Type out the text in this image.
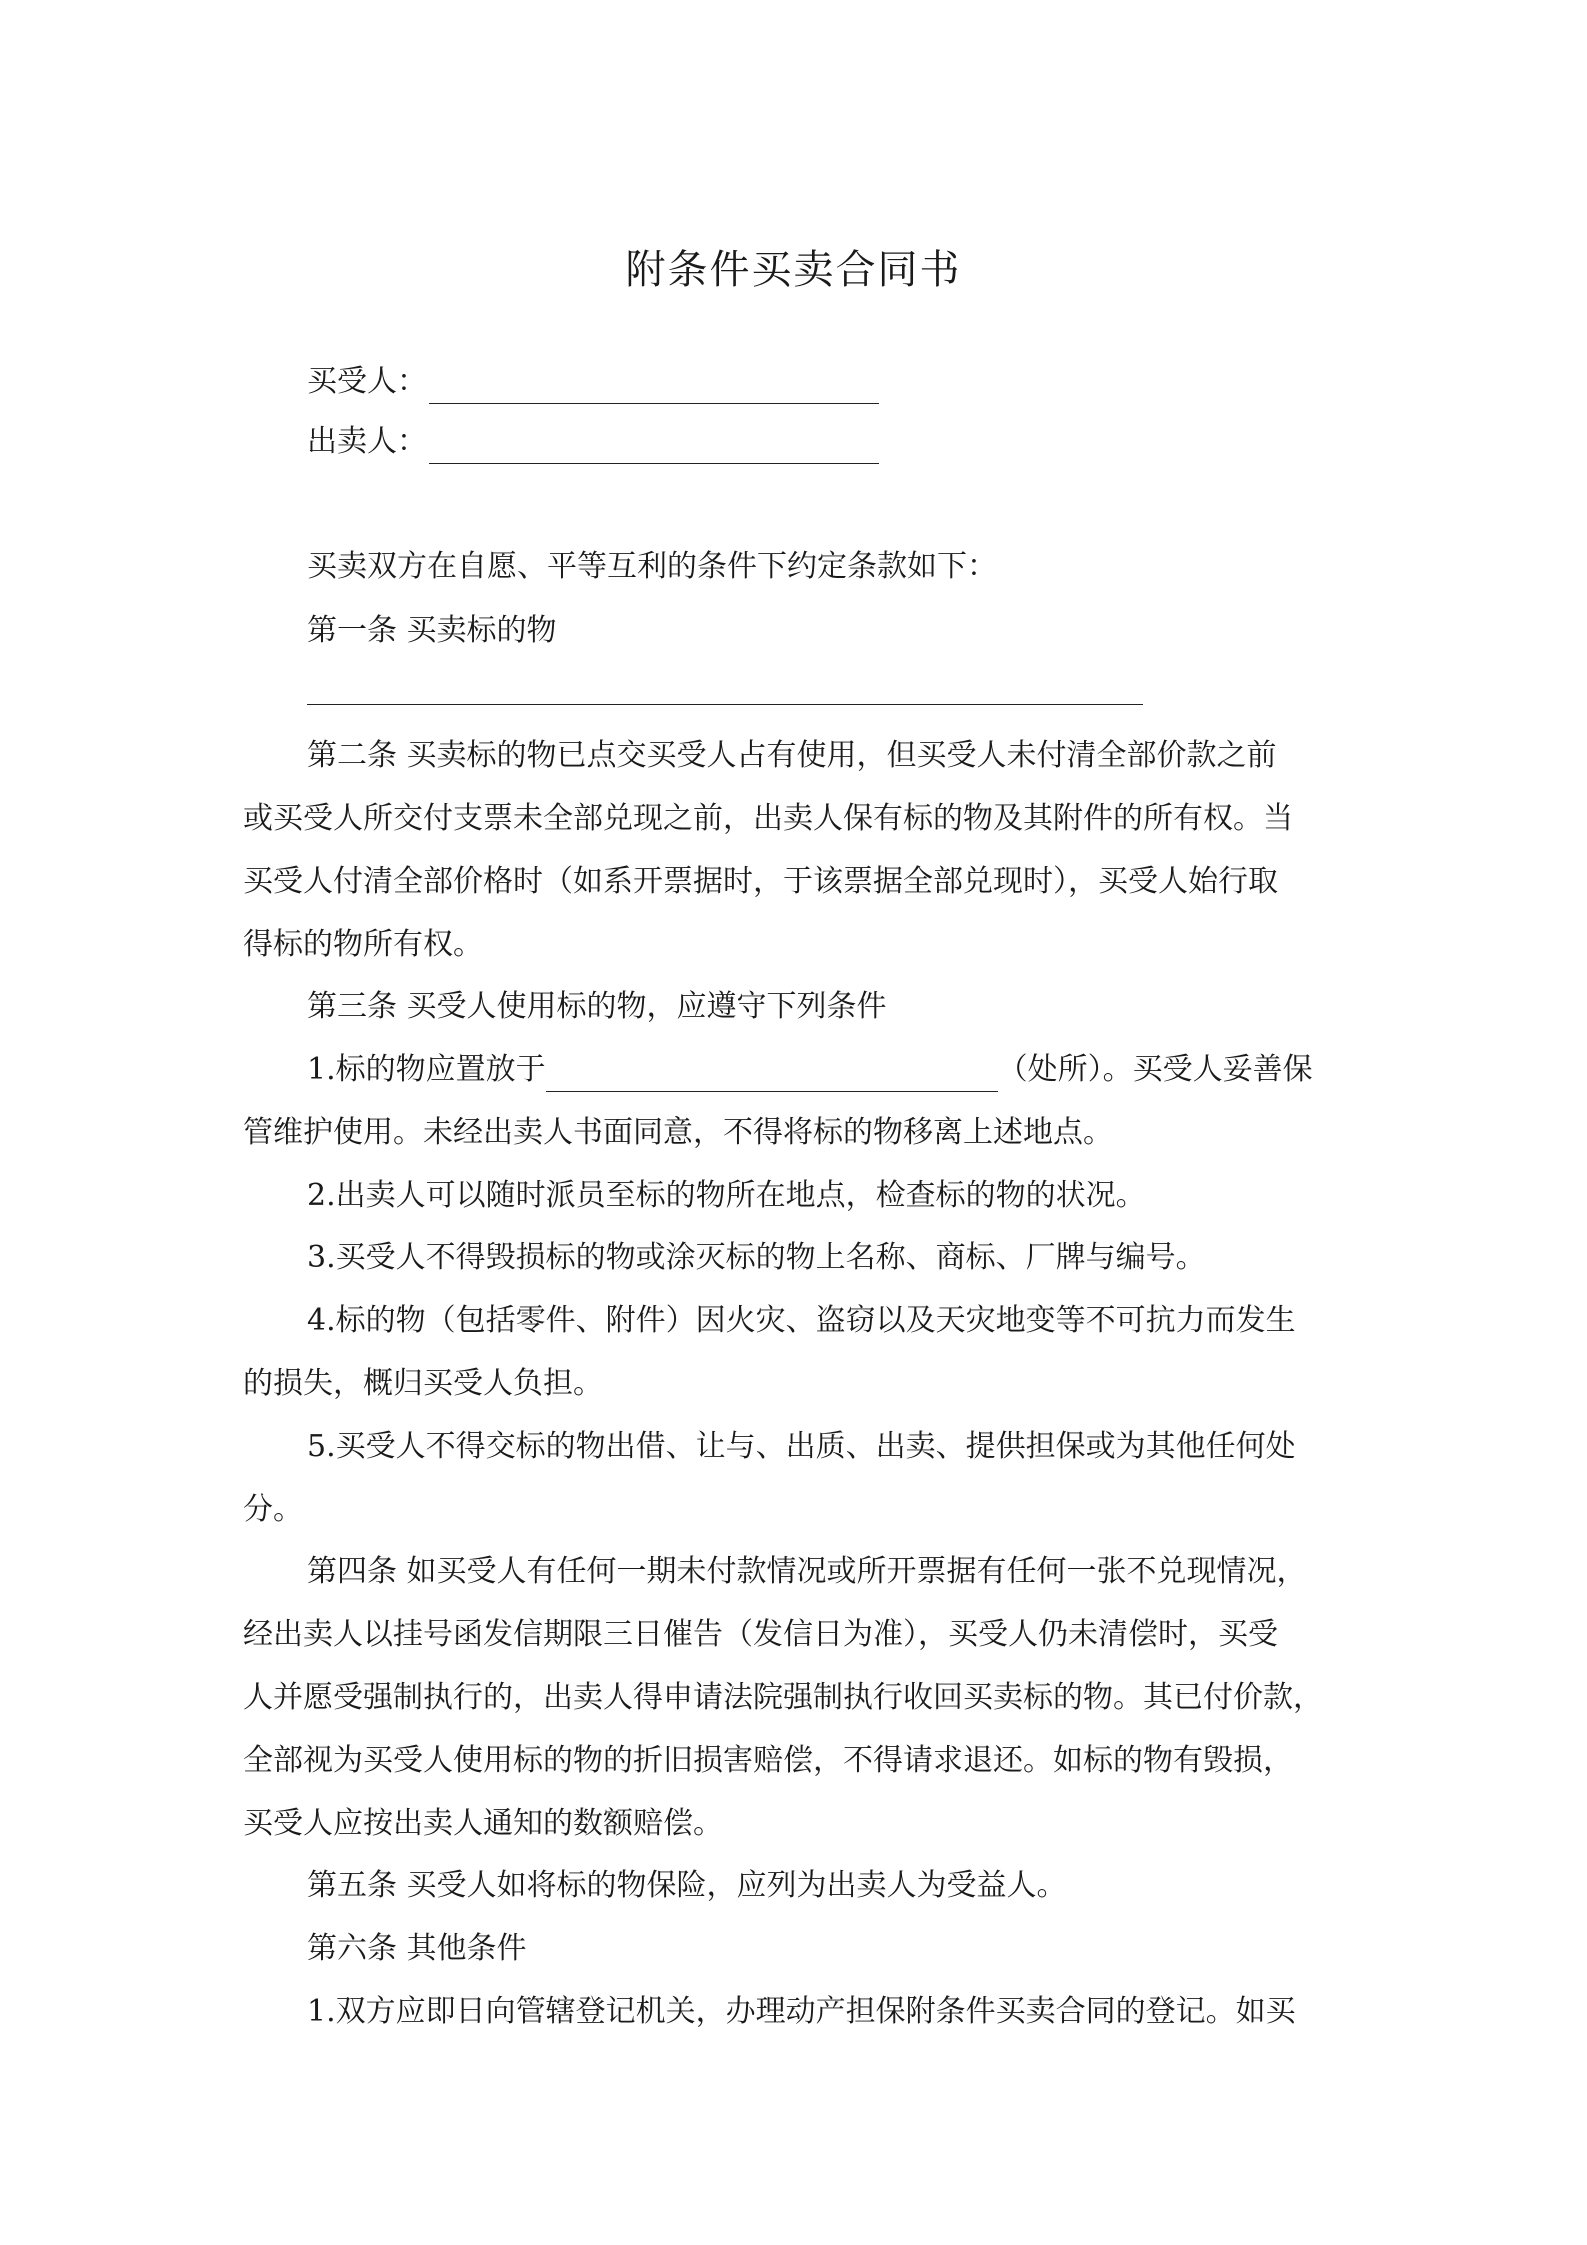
附条件买卖合同书
买受人：
出卖人：
买卖双方在自愿、平等互利的条件下约定条款如下：
第一条 买卖标的物
第二条 买卖标的物已点交买受人占有使用，但买受人未付清全部价款之前
或买受人所交付支票未全部兑现之前，出卖人保有标的物及其附件的所有权。当
买受人付清全部价格时（如系开票据时，于该票据全部兑现时），买受人始行取
得标的物所有权。
第三条 买受人使用标的物，应遵守下列条件
1.标的物应置放于	（处所）。买受人妥善保
管维护使用。未经出卖人书面同意，不得将标的物移离上述地点。
2.出卖人可以随时派员至标的物所在地点，检查标的物的状况。
3.买受人不得毁损标的物或涂灭标的物上名称、商标、厂牌与编号。
4.标的物（包括零件、附件）因火灾、盗窃以及天灾地变等不可抗力而发生
的损失，概归买受人负担。
5.买受人不得交标的物出借、让与、出质、出卖、提供担保或为其他任何处
分。
第四条 如买受人有任何一期未付款情况或所开票据有任何一张不兑现情况，
经出卖人以挂号函发信期限三日催告（发信日为准），买受人仍未清偿时，买受
人并愿受强制执行的，出卖人得申请法院强制执行收回买卖标的物。其已付价款，
全部视为买受人使用标的物的折旧损害赔偿，不得请求退还。如标的物有毁损，
买受人应按出卖人通知的数额赔偿。
第五条 买受人如将标的物保险，应列为出卖人为受益人。
第六条 其他条件
1.双方应即日向管辖登记机关，办理动产担保附条件买卖合同的登记。如买
